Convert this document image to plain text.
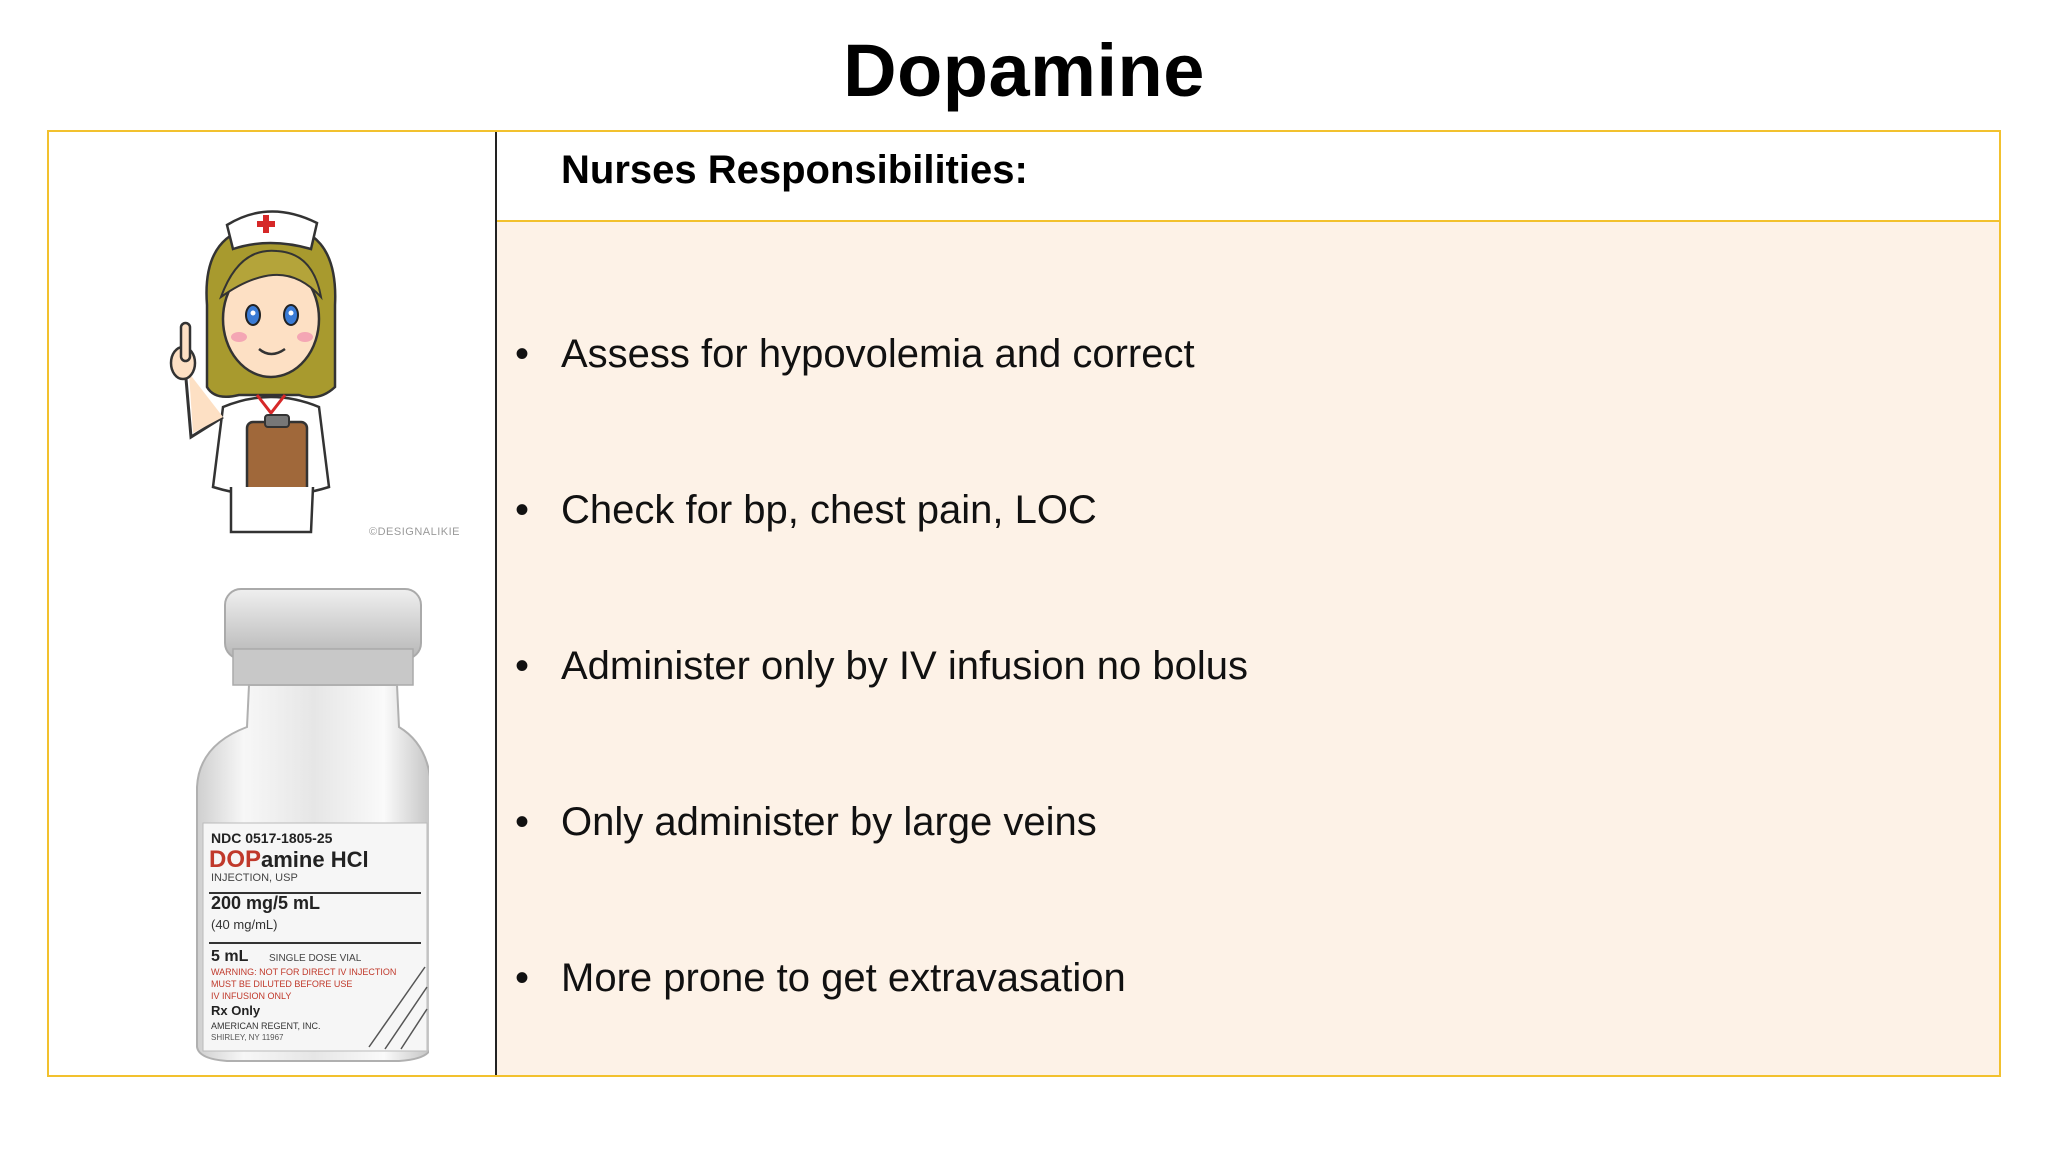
Dopamine
©DESIGNALIKIE
NDC 0517-1805-25
DOP amine HCl
INJECTION, USP
200 mg/5 mL
(40 mg/mL)
5 mL SINGLE DOSE VIAL
WARNING: NOT FOR DIRECT IV INJECTION
MUST BE DILUTED BEFORE USE
IV INFUSION ONLY
Rx Only
AMERICAN REGENT, INC.
SHIRLEY, NY 11967
Nurses Responsibilities:
• Assess for hypovolemia and correct
• Check for bp, chest pain, LOC
• Administer only by IV infusion no bolus
• Only administer by large veins
• More prone to get extravasation
